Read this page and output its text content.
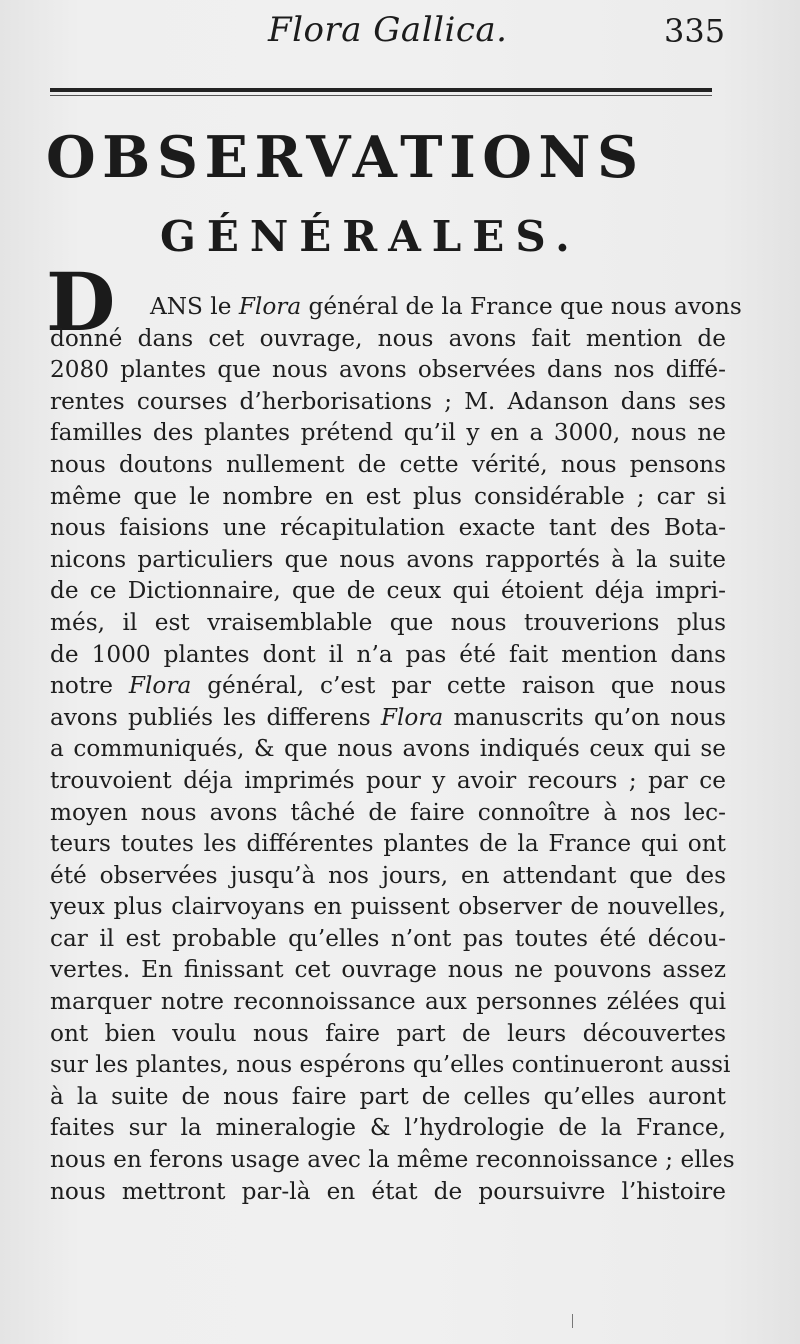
Flora Gallica.	335
OBSERVATIONS
GÉNÉRALES.
D	ANS le Flora général de la France que nous avons
donné dans cet ouvrage, nous avons fait mention de
2080 plantes que nous avons observées dans nos diffé-
rentes courses d’herborisations ; M. Adanson dans ses
familles des plantes prétend qu’il y en a 3000, nous ne
nous doutons nullement de cette vérité, nous pensons
même que le nombre en est plus considérable ; car si
nous faisions une récapitulation exacte tant des Bota-
nicons particuliers que nous avons rapportés à la suite
de ce Dictionnaire, que de ceux qui étoient déja impri-
més, il est vraisemblable que nous trouverions plus
de 1000 plantes dont il n’a pas été fait mention dans
notre Flora général, c’est par cette raison que nous
avons publiés les differens Flora manuscrits qu’on nous
a communiqués, & que nous avons indiqués ceux qui se
trouvoient déja imprimés pour y avoir recours ; par ce
moyen nous avons tâché de faire connoître à nos lec-
teurs toutes les différentes plantes de la France qui ont
été observées jusqu’à nos jours, en attendant que des
yeux plus clairvoyans en puissent observer de nouvelles,
car il est probable qu’elles n’ont pas toutes été décou-
vertes. En finissant cet ouvrage nous ne pouvons assez
marquer notre reconnoissance aux personnes zélées qui
ont bien voulu nous faire part de leurs découvertes
sur les plantes, nous espérons qu’elles continueront aussi
à la suite de nous faire part de celles qu’elles auront
faites sur la mineralogie & l’hydrologie de la France,
nous en ferons usage avec la même reconnoissance ; elles
nous mettront par-là en état de poursuivre l’histoire
